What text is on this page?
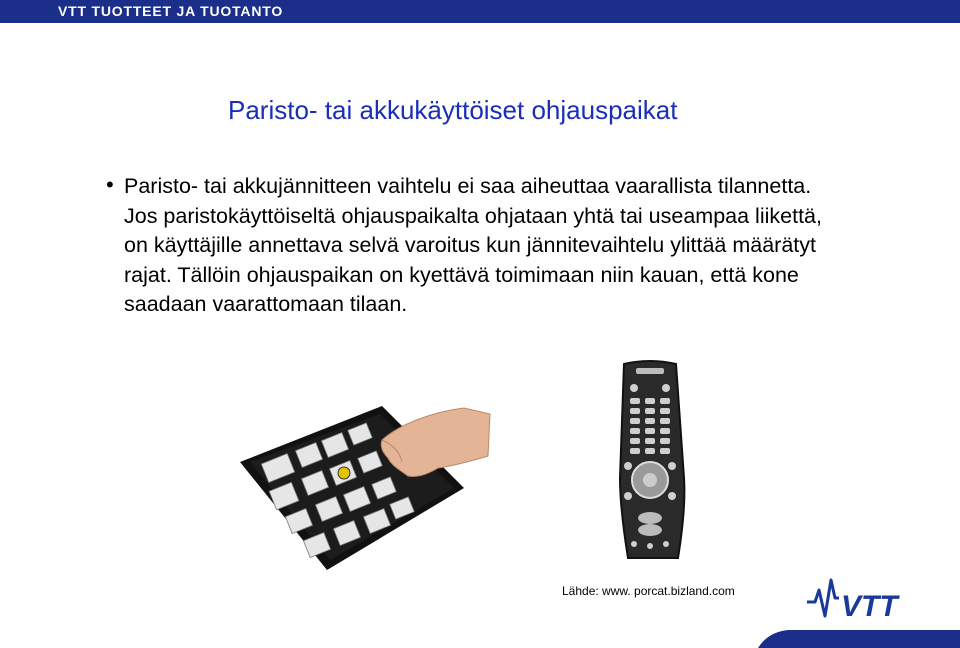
VTT TUOTTEET JA TUOTANTO
Paristo- tai akkukäyttöiset ohjauspaikat
• Paristo- tai akkujännitteen vaihtelu ei saa aiheuttaa vaarallista tilannetta. Jos paristokäyttöiseltä ohjauspaikalta ohjataan yhtä tai useampaa liikettä, on käyttäjille annettava selvä varoitus kun jännitevaihtelu ylittää määrätyt rajat. Tällöin ohjauspaikan on kyettävä toimimaan niin kauan, että kone saadaan vaarattomaan tilaan.
Lähde: www. porcat.bizland.com	VTT
